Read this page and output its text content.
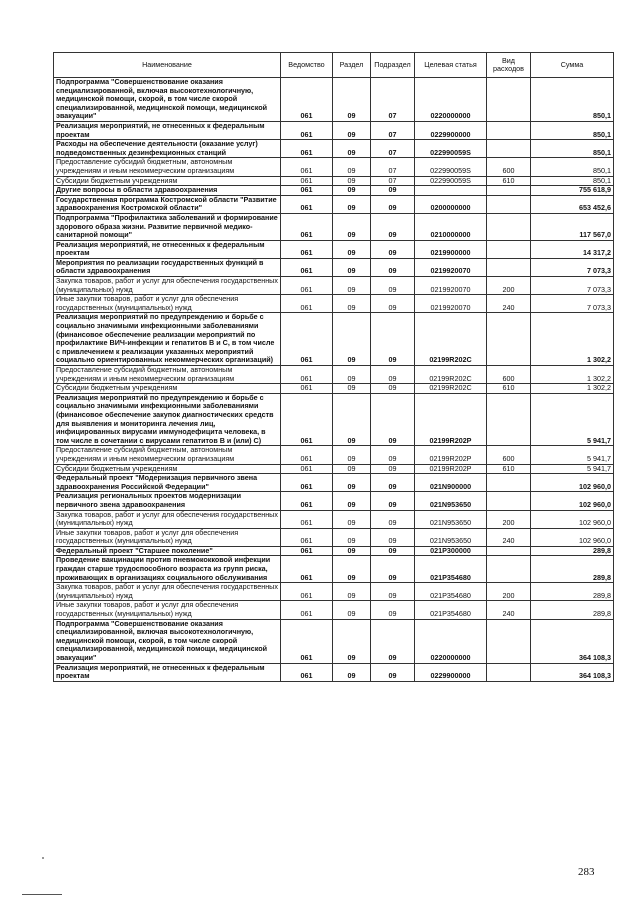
Наименование	Ведомство	Раздел	Подраздел	Целевая статья	Вид расходов	Сумма
Подпрограмма "Совершенствование оказания специализированной, включая высокотехнологичную, медицинской помощи, скорой, в том числе скорой специализированной, медицинской помощи, медицинской эвакуации"	061	09	07	0220000000		850,1
Реализация мероприятий, не отнесенных к федеральным проектам	061	09	07	0229900000		850,1
Расходы на обеспечение деятельности (оказание услуг) подведомственных дезинфекционных станций	061	09	07	022990059S		850,1
Предоставление субсидий бюджетным, автономным учреждениям и иным некоммерческим организациям	061	09	07	022990059S	600	850,1
Субсидии бюджетным учреждениям	061	09	07	022990059S	610	850,1
Другие вопросы в области здравоохранения	061	09	09			755 618,9
Государственная программа Костромской области "Развитие здравоохранения Костромской области"	061	09	09	0200000000		653 452,6
Подпрограмма "Профилактика заболеваний и формирование здорового образа жизни. Развитие первичной медико-санитарной помощи"	061	09	09	0210000000		117 567,0
Реализация мероприятий, не отнесенных к федеральным проектам	061	09	09	0219900000		14 317,2
Мероприятия по реализации государственных функций в области здравоохранения	061	09	09	0219920070		7 073,3
Закупка товаров, работ и услуг для обеспечения государственных (муниципальных) нужд	061	09	09	0219920070	200	7 073,3
Иные закупки товаров, работ и услуг для обеспечения государственных (муниципальных) нужд	061	09	09	0219920070	240	7 073,3
Реализация мероприятий по предупреждению и борьбе с социально значимыми инфекционными заболеваниями (финансовое обеспечение реализации мероприятий по профилактике ВИЧ-инфекции и гепатитов В и С, в том числе с привлечением к реализации указанных мероприятий социально ориентированных некоммерческих организаций)	061	09	09	02199R202C		1 302,2
Предоставление субсидий бюджетным, автономным учреждениям и иным некоммерческим организациям	061	09	09	02199R202C	600	1 302,2
Субсидии бюджетным учреждениям	061	09	09	02199R202C	610	1 302,2
Реализация мероприятий по предупреждению и борьбе с социально значимыми инфекционными заболеваниями (финансовое обеспечение закупок диагностических средств для выявления и мониторинга лечения лиц, инфицированных вирусами иммунодефицита человека, в том числе в сочетании с вирусами гепатитов В и (или) С)	061	09	09	02199R202P		5 941,7
Предоставление субсидий бюджетным, автономным учреждениям и иным некоммерческим организациям	061	09	09	02199R202P	600	5 941,7
Субсидии бюджетным учреждениям	061	09	09	02199R202P	610	5 941,7
Федеральный проект "Модернизация первичного звена здравоохранения Российской Федерации"	061	09	09	021N900000		102 960,0
Реализация региональных проектов модернизации первичного звена здравоохранения	061	09	09	021N953650		102 960,0
Закупка товаров, работ и услуг для обеспечения государственных (муниципальных) нужд	061	09	09	021N953650	200	102 960,0
Иные закупки товаров, работ и услуг для обеспечения государственных (муниципальных) нужд	061	09	09	021N953650	240	102 960,0
Федеральный проект "Старшее поколение"	061	09	09	021P300000		289,8
Проведение вакцинации против пневмококковой инфекции граждан старше трудоспособного возраста из групп риска, проживающих в организациях социального обслуживания	061	09	09	021P354680		289,8
Закупка товаров, работ и услуг для обеспечения государственных (муниципальных) нужд	061	09	09	021P354680	200	289,8
Иные закупки товаров, работ и услуг для обеспечения государственных (муниципальных) нужд	061	09	09	021P354680	240	289,8
Подпрограмма "Совершенствование оказания специализированной, включая высокотехнологичную, медицинской помощи, скорой, в том числе скорой специализированной, медицинской помощи, медицинской эвакуации"	061	09	09	0220000000		364 108,3
Реализация мероприятий, не отнесенных к федеральным проектам	061	09	09	0229900000		364 108,3
283
